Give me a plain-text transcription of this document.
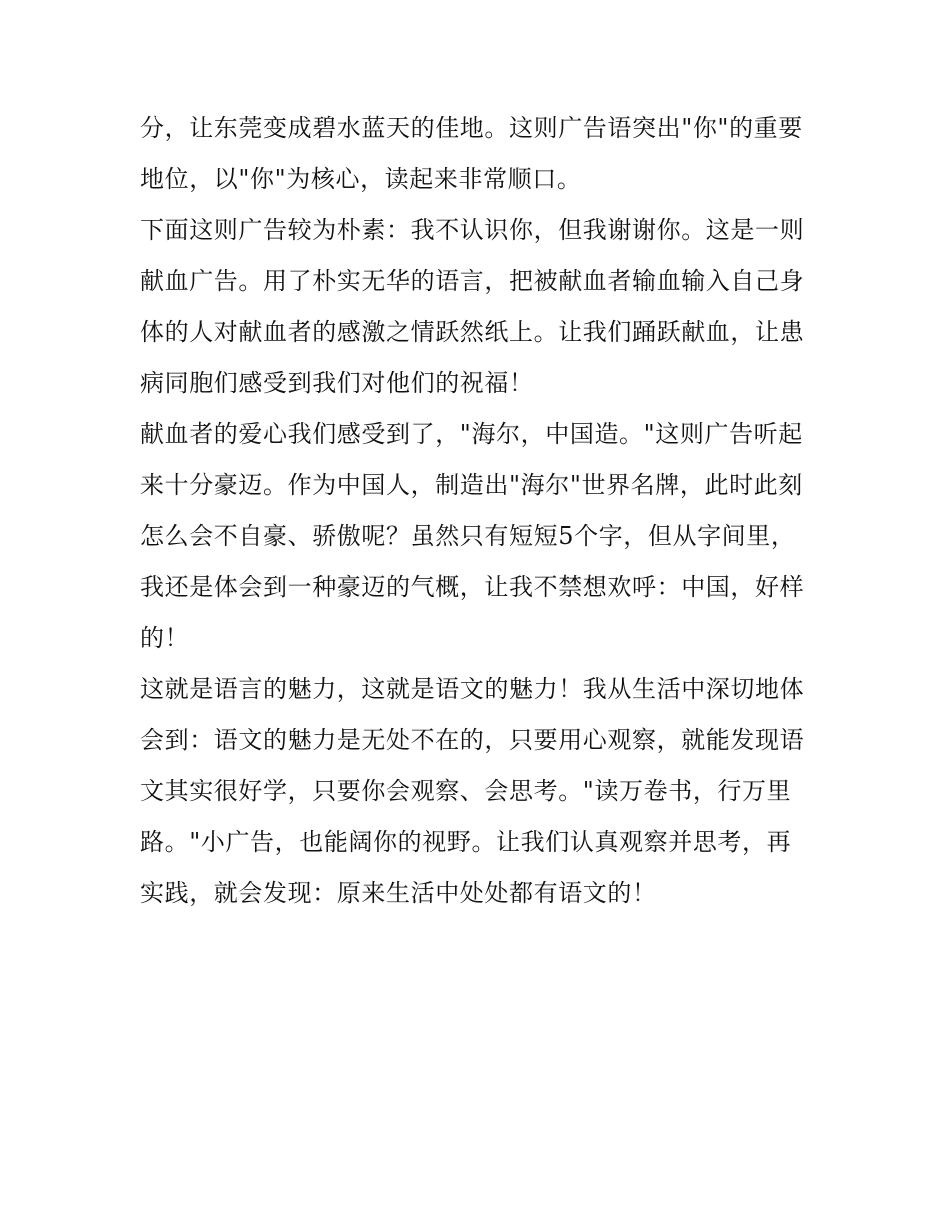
分，让东莞变成碧水蓝天的佳地。这则广告语突出"你"的重要
地位，以"你"为核心，读起来非常顺口。
下面这则广告较为朴素：我不认识你，但我谢谢你。这是一则
献血广告。用了朴实无华的语言，把被献血者输血输入自己身
体的人对献血者的感激之情跃然纸上。让我们踊跃献血，让患
病同胞们感受到我们对他们的祝福！
献血者的爱心我们感受到了，"海尔，中国造。"这则广告听起
来十分豪迈。作为中国人，制造出"海尔"世界名牌，此时此刻
怎么会不自豪、骄傲呢？虽然只有短短5个字，但从字间里，
我还是体会到一种豪迈的气概，让我不禁想欢呼：中国，好样
的！
这就是语言的魅力，这就是语文的魅力！我从生活中深切地体
会到：语文的魅力是无处不在的，只要用心观察，就能发现语
文其实很好学，只要你会观察、会思考。"读万卷书，行万里
路。"小广告，也能阔你的视野。让我们认真观察并思考，再
实践，就会发现：原来生活中处处都有语文的！
